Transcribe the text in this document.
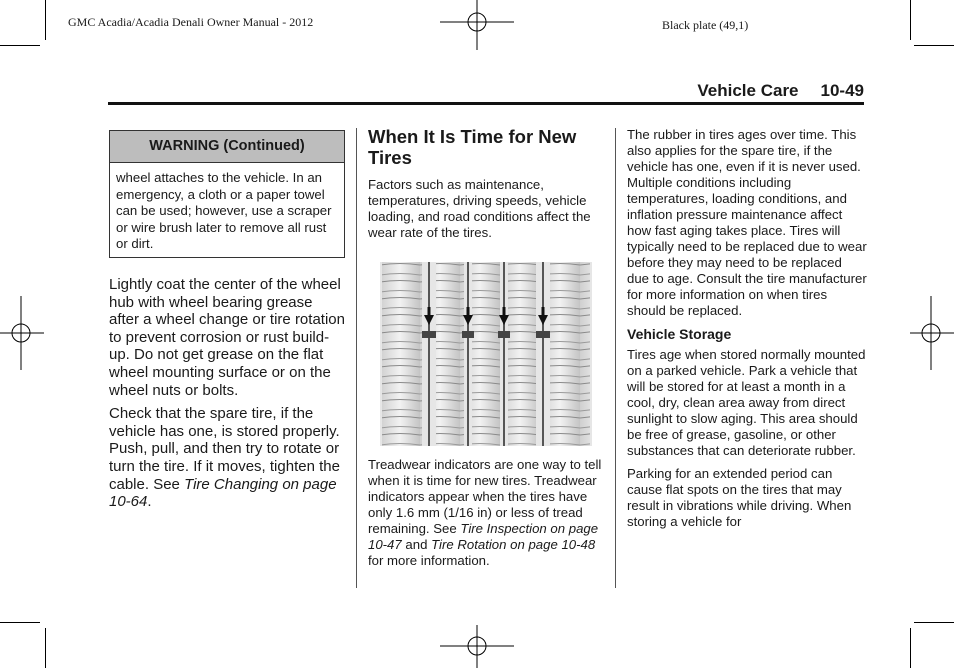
GMC Acadia/Acadia Denali Owner Manual - 2012	Black plate (49,1)
Vehicle Care 10-49
WARNING (Continued)
wheel attaches to the vehicle. In an emergency, a cloth or a paper towel can be used; however, use a scraper or wire brush later to remove all rust or dirt.

Lightly coat the center of the wheel hub with wheel bearing grease after a wheel change or tire rotation to prevent corrosion or rust build-up. Do not get grease on the flat wheel mounting surface or on the wheel nuts or bolts.

Check that the spare tire, if the vehicle has one, is stored properly. Push, pull, and then try to rotate or turn the tire. If it moves, tighten the cable. See Tire Changing on page 10-64.

When It Is Time for New Tires
Factors such as maintenance, temperatures, driving speeds, vehicle loading, and road conditions affect the wear rate of the tires.
Treadwear indicators are one way to tell when it is time for new tires. Treadwear indicators appear when the tires have only 1.6 mm (1/16 in) or less of tread remaining. See Tire Inspection on page 10-47 and Tire Rotation on page 10-48 for more information.

The rubber in tires ages over time. This also applies for the spare tire, if the vehicle has one, even if it is never used. Multiple conditions including temperatures, loading conditions, and inflation pressure maintenance affect how fast aging takes place. Tires will typically need to be replaced due to wear before they may need to be replaced due to age. Consult the tire manufacturer for more information on when tires should be replaced.

Vehicle Storage

Tires age when stored normally mounted on a parked vehicle. Park a vehicle that will be stored for at least a month in a cool, dry, clean area away from direct sunlight to slow aging. This area should be free of grease, gasoline, or other substances that can deteriorate rubber.

Parking for an extended period can cause flat spots on the tires that may result in vibrations while driving. When storing a vehicle for
